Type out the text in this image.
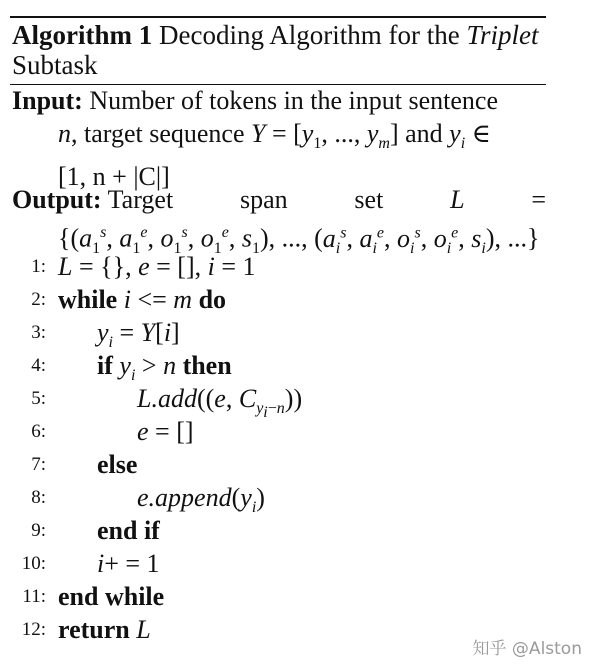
Algorithm 1 Decoding Algorithm for the Triplet
Subtask
Input: Number of tokens in the input sentence
n, target sequence $Y = [y_1$, ..., $y_m$] and $y_i$ ∈
[1, n + |C|]
Output: Target	span	set	L	=
{($a_1^s$, $a_1^e$, $o_1^s$, $o_1^e$, $s_1$), ..., ($a_i^s$, $a_i^e$, $o_i^s$, $o_i^e$, $s_i$), ...}
1: L = {}, e = [], i = 1
2: while i <= m do
3: $y_i = Y[i]$
4: if $y_i > n$ then
5:	L.add((e, $C_{y_i-n}$))
6:	e = []
7: else
8:	$e.append(y_i)$
9: end if
10: i+ = 1
11: end while
12: return L
知乎 @Alston
